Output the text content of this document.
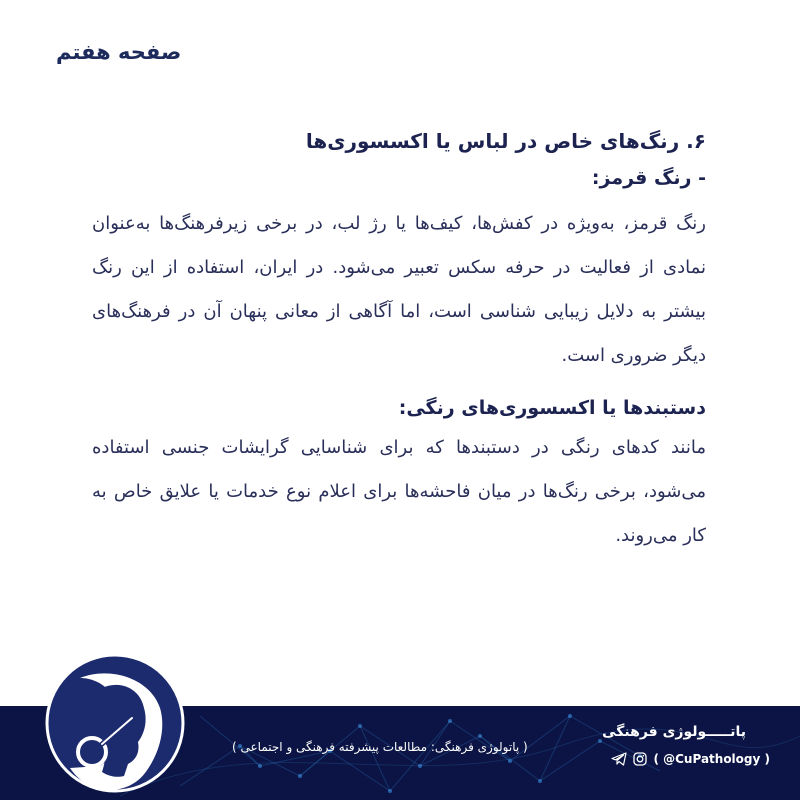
صفحه هفتم
۶. رنگ‌های خاص در لباس یا اکسسوری‌ها
- رنگ قرمز:

رنگ قرمز، به‌ویژه در کفش‌ها، کیف‌ها یا رژ لب، در برخی زیرفرهنگ‌ها به‌عنوان نمادی از فعالیت در حرفه سکس تعبیر می‌شود. در ایران، استفاده از این رنگ بیشتر به دلایل زیبایی شناسی است، اما آگاهی از معانی پنهان آن در فرهنگ‌های دیگر ضروری است.

دستبندها یا اکسسوری‌های رنگی:

مانند کدهای رنگی در دستبندها که برای شناسایی گرایشات جنسی استفاده می‌شود، برخی رنگ‌ها در میان فاحشه‌ها برای اعلام نوع خدمات یا علایق خاص به کار می‌روند.

( پاتولوژی فرهنگی: مطالعات پیشرفته فرهنگی و اجتماعی )
پاتـــــولوژی فرهنگی
( @CuPathology )
